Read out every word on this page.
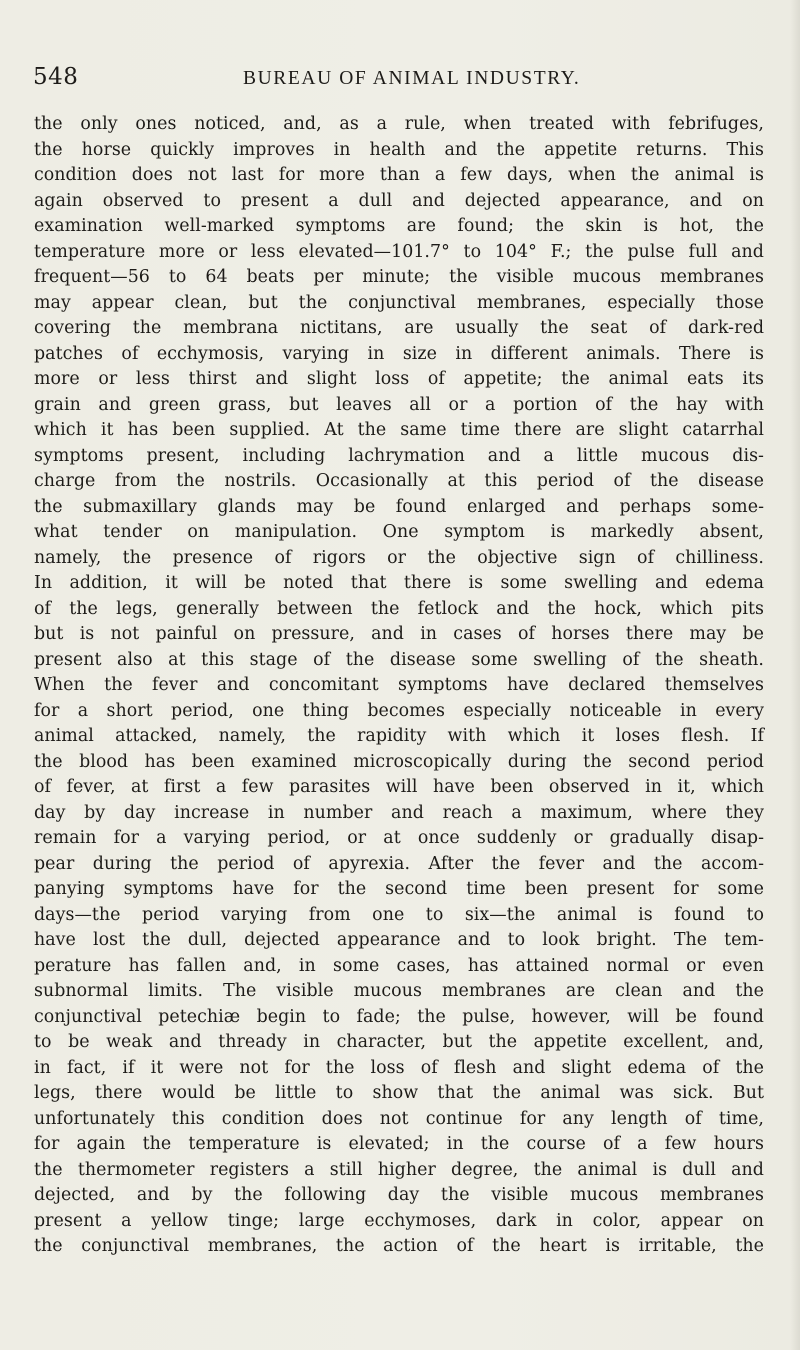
548	BUREAU OF ANIMAL INDUSTRY.
the only ones noticed, and, as a rule, when treated with febrifuges,
the horse quickly improves in health and the appetite returns. This
condition does not last for more than a few days, when the animal is
again observed to present a dull and dejected appearance, and on
examination well-marked symptoms are found; the skin is hot, the
temperature more or less elevated—101.7° to 104° F.; the pulse full and
frequent—56 to 64 beats per minute; the visible mucous membranes
may appear clean, but the conjunctival membranes, especially those
covering the membrana nictitans, are usually the seat of dark-red
patches of ecchymosis, varying in size in different animals. There is
more or less thirst and slight loss of appetite; the animal eats its
grain and green grass, but leaves all or a portion of the hay with
which it has been supplied. At the same time there are slight catarrhal
symptoms present, including lachrymation and a little mucous dis-
charge from the nostrils. Occasionally at this period of the disease
the submaxillary glands may be found enlarged and perhaps some-
what tender on manipulation. One symptom is markedly absent,
namely, the presence of rigors or the objective sign of chilliness.
In addition, it will be noted that there is some swelling and edema
of the legs, generally between the fetlock and the hock, which pits
but is not painful on pressure, and in cases of horses there may be
present also at this stage of the disease some swelling of the sheath.
When the fever and concomitant symptoms have declared themselves
for a short period, one thing becomes especially noticeable in every
animal attacked, namely, the rapidity with which it loses flesh. If
the blood has been examined microscopically during the second period
of fever, at first a few parasites will have been observed in it, which
day by day increase in number and reach a maximum, where they
remain for a varying period, or at once suddenly or gradually disap-
pear during the period of apyrexia. After the fever and the accom-
panying symptoms have for the second time been present for some
days—the period varying from one to six—the animal is found to
have lost the dull, dejected appearance and to look bright. The tem-
perature has fallen and, in some cases, has attained normal or even
subnormal limits. The visible mucous membranes are clean and the
conjunctival petechiæ begin to fade; the pulse, however, will be found
to be weak and thready in character, but the appetite excellent, and,
in fact, if it were not for the loss of flesh and slight edema of the
legs, there would be little to show that the animal was sick. But
unfortunately this condition does not continue for any length of time,
for again the temperature is elevated; in the course of a few hours
the thermometer registers a still higher degree, the animal is dull and
dejected, and by the following day the visible mucous membranes
present a yellow tinge; large ecchymoses, dark in color, appear on
the conjunctival membranes, the action of the heart is irritable, the
